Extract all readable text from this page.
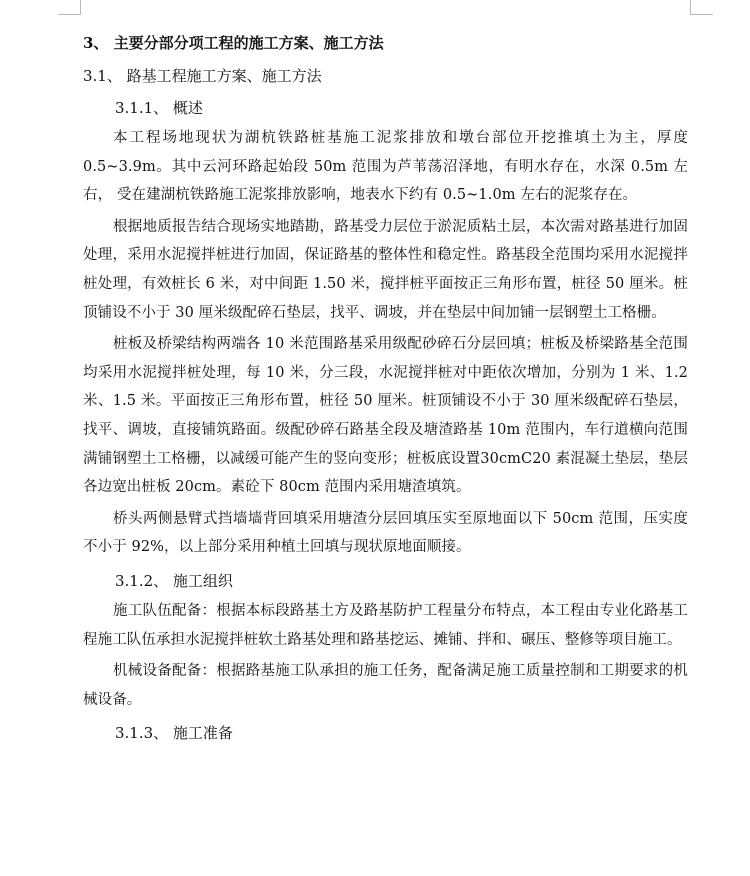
3、 主要分部分项工程的施工方案、施工方法
3.1、 路基工程施工方案、施工方法
3.1.1、 概述

本工程场地现状为湖杭铁路桩基施工泥浆排放和墩台部位开挖推填土为主，厚度0.5~3.9m。其中云河环路起始段 50m 范围为芦苇荡沼泽地，有明水存在，水深 0.5m 左右， 受在建湖杭铁路施工泥浆排放影响，地表水下约有 0.5~1.0m 左右的泥浆存在。

根据地质报告结合现场实地踏勘，路基受力层位于淤泥质粘土层，本次需对路基进行加固处理，采用水泥搅拌桩进行加固，保证路基的整体性和稳定性。路基段全范围均采用水泥搅拌桩处理，有效桩长 6 米，对中间距 1.50 米，搅拌桩平面按正三角形布置，桩径 50 厘米。桩顶铺设不小于 30 厘米级配碎石垫层，找平、调坡，并在垫层中间加铺一层钢塑土工格栅。

桩板及桥梁结构两端各 10 米范围路基采用级配砂碎石分层回填；桩板及桥梁路基全范围均采用水泥搅拌桩处理，每 10 米，分三段，水泥搅拌桩对中距依次增加，分别为 1 米、1.2 米、1.5 米。平面按正三角形布置，桩径 50 厘米。桩顶铺设不小于 30 厘米级配碎石垫层，找平、调坡，直接铺筑路面。级配砂碎石路基全段及塘渣路基 10m 范围内，车行道横向范围满铺钢塑土工格栅，以减缓可能产生的竖向变形；桩板底设置30cmC20 素混凝土垫层，垫层各边宽出桩板 20cm。素砼下 80cm 范围内采用塘渣填筑。

桥头两侧悬臂式挡墙墙背回填采用塘渣分层回填压实至原地面以下 50cm 范围，压实度不小于 92%，以上部分采用种植土回填与现状原地面顺接。

3.1.2、 施工组织

施工队伍配备：根据本标段路基土方及路基防护工程量分布特点，本工程由专业化路基工程施工队伍承担水泥搅拌桩软土路基处理和路基挖运、摊铺、拌和、碾压、整修等项目施工。

机械设备配备：根据路基施工队承担的施工任务，配备满足施工质量控制和工期要求的机械设备。

3.1.3、 施工准备
